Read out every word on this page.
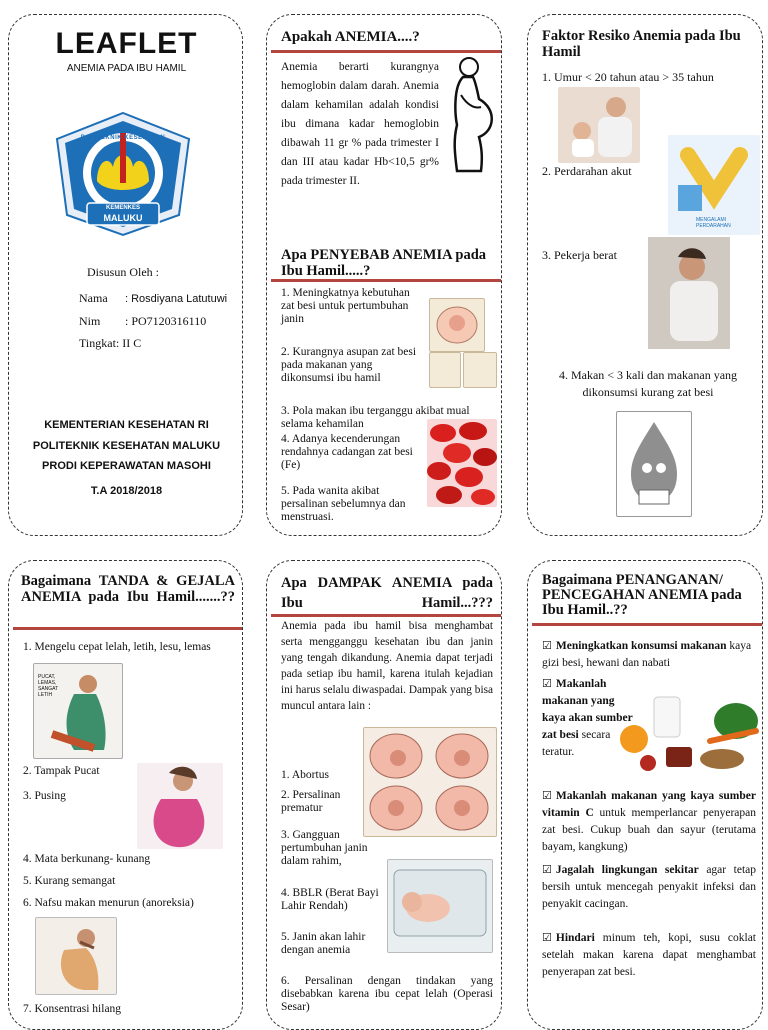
LEAFLET
ANEMIA PADA IBU HAMIL
POLITEKNIK KESEHATAN
KEMENKES
MALUKU
Disusun Oleh :
Nama : Rosdiyana Latutuwi
Nim : PO7120316110
Tingkat: II C
KEMENTERIAN KESEHATAN RI
POLITEKNIK KESEHATAN MALUKU
PRODI KEPERAWATAN MASOHI
T.A 2018/2018
Apakah ANEMIA....?
Anemia berarti kurangnya hemoglobin dalam darah. Anemia dalam kehamilan adalah kondisi ibu dimana kadar hemoglobin dibawah 11 gr % pada trimester I dan III atau kadar Hb<10,5 gr% pada trimester II.
Apa PENYEBAB ANEMIA pada Ibu Hamil.....?
1. Meningkatnya kebutuhan zat besi untuk pertumbuhan janin
2. Kurangnya asupan zat besi pada makanan yang dikonsumsi ibu hamil
3. Pola makan ibu terganggu akibat mual selama kehamilan
4. Adanya kecenderungan rendahnya cadangan zat besi (Fe)
5. Pada wanita akibat persalinan sebelumnya dan menstruasi.
Faktor Resiko Anemia pada Ibu Hamil
1. Umur < 20 tahun atau > 35 tahun
2. Perdarahan akut
MENGALAMI PERDARAHAN
3. Pekerja berat
4. Makan < 3 kali dan makanan yang dikonsumsi kurang zat besi
Bagaimana TANDA & GEJALA ANEMIA pada Ibu Hamil.......??
1. Mengelu cepat lelah, letih, lesu, lemas
PUCAT, LEMAS, SANGAT LETIH
2. Tampak Pucat
3. Pusing
4. Mata berkunang- kunang
5. Kurang semangat
6. Nafsu makan menurun (anoreksia)
7. Konsentrasi hilang
Apa DAMPAK ANEMIA pada Ibu Hamil...???
Anemia pada ibu hamil bisa menghambat serta mengganggu kesehatan ibu dan janin yang tengah dikandung. Anemia dapat terjadi pada setiap ibu hamil, karena itulah kejadian ini harus selalu diwaspadai. Dampak yang bisa muncul antara lain :
1. Abortus
2. Persalinan prematur
3. Gangguan pertumbuhan janin dalam rahim,
4. BBLR (Berat Bayi Lahir Rendah)
5. Janin akan lahir dengan anemia
6. Persalinan dengan tindakan yang disebabkan karena ibu cepat lelah (Operasi Sesar)
Bagaimana PENANGANAN/ PENCEGAHAN ANEMIA pada Ibu Hamil..??
☑ Meningkatkan konsumsi makanan kaya gizi besi, hewani dan nabati
☑ Makanlah makanan yang kaya akan sumber zat besi secara teratur.
☑ Makanlah makanan yang kaya sumber vitamin C untuk memperlancar penyerapan zat besi. Cukup buah dan sayur (terutama bayam, kangkung)
☑ Jagalah lingkungan sekitar agar tetap bersih untuk mencegah penyakit infeksi dan penyakit cacingan.
☑ Hindari minum teh, kopi, susu coklat setelah makan karena dapat menghambat penyerapan zat besi.
